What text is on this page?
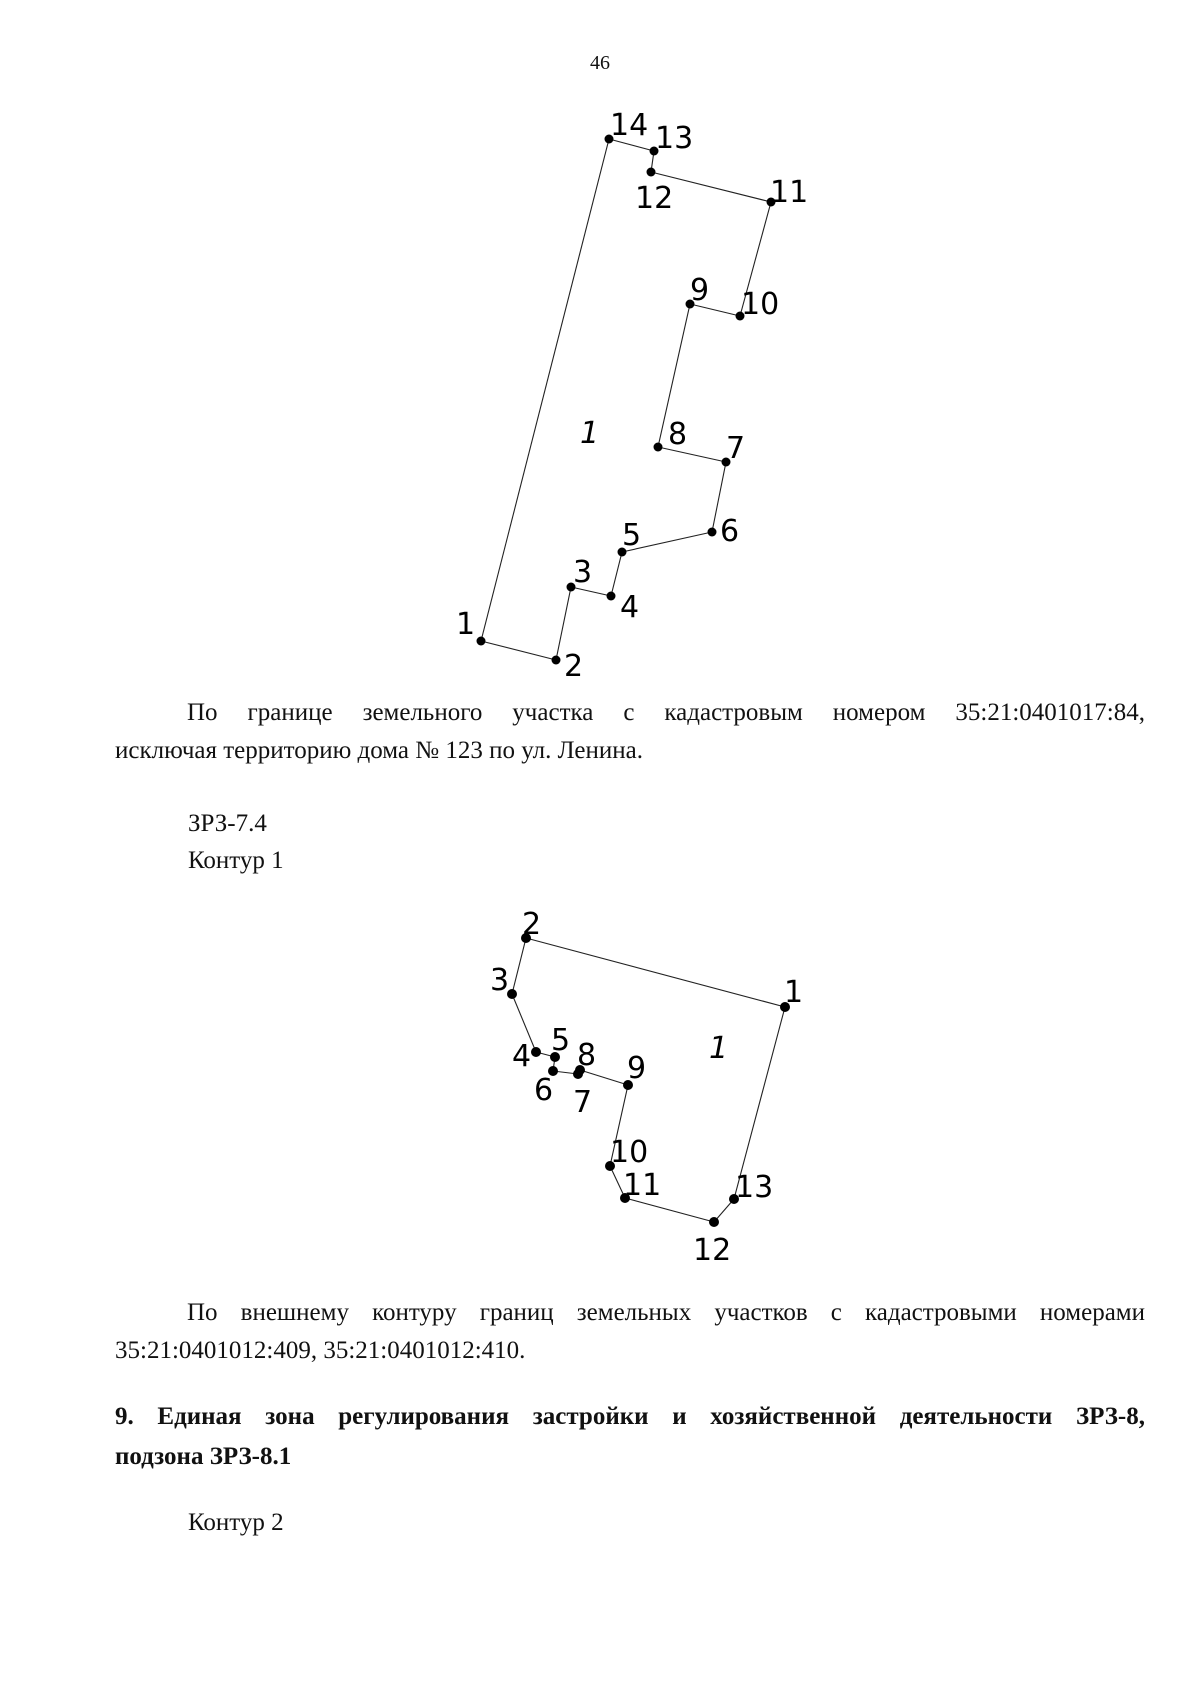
46
1
2
3
4
5	6
7
8
9 10
11
12
13
14
1
По границе земельного участка с кадастровым номером 35:21:0401017:84,
исключая территорию дома № 123 по ул. Ленина.
ЗРЗ-7.4
Контур 1
1
2
3
4 5
6 7
8 9
10
11
12
13
1
По внешнему контуру границ земельных участков с кадастровыми номерами
35:21:0401012:409, 35:21:0401012:410.
9. Единая зона регулирования застройки и хозяйственной деятельности ЗРЗ-8,
подзона ЗРЗ-8.1
Контур 2
